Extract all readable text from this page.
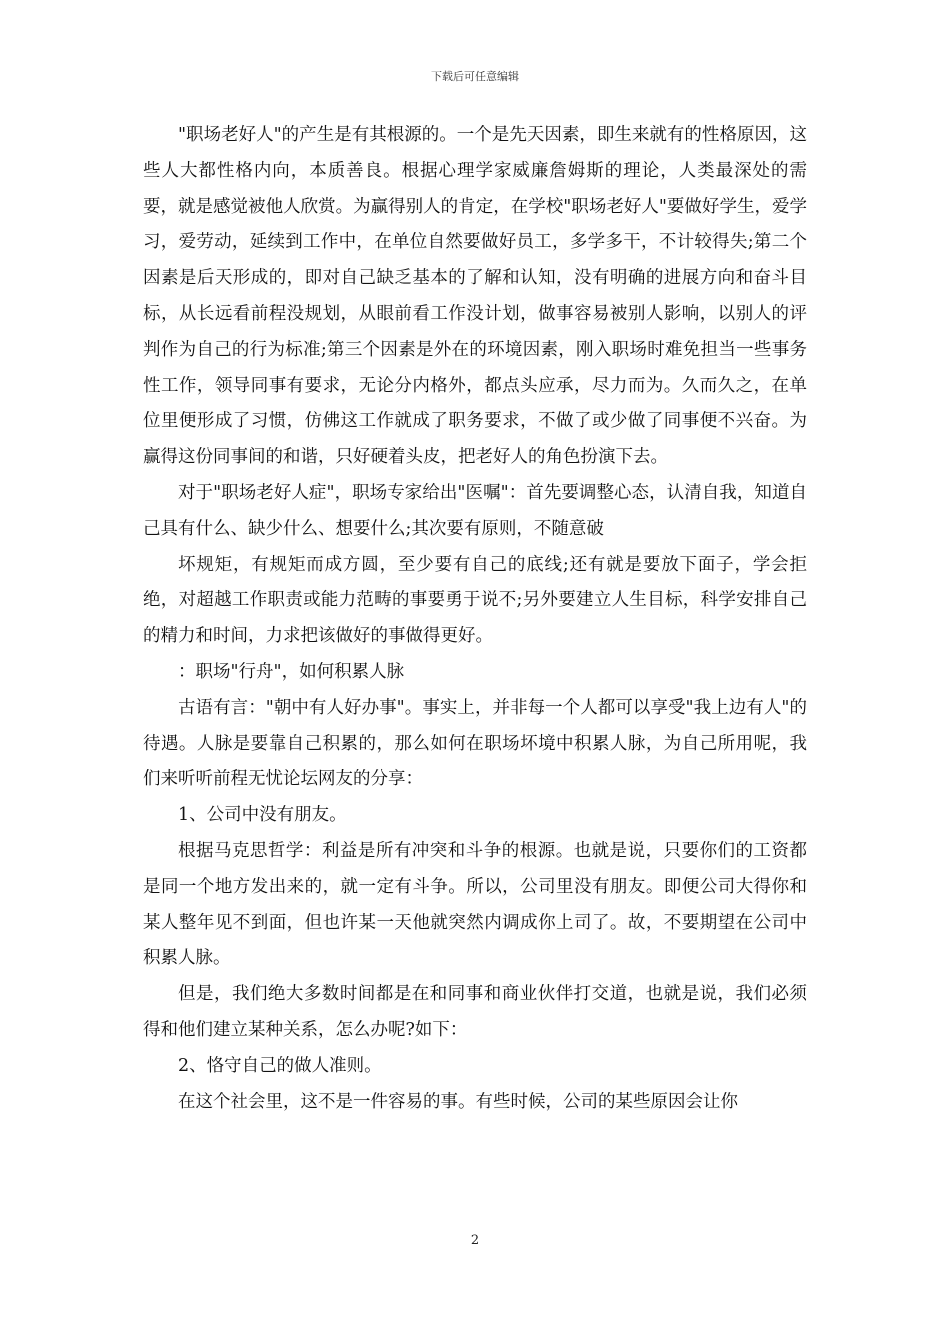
下载后可任意编辑

"职场老好人"的产生是有其根源的。一个是先天因素，即生来就有的性格原因，这些人大都性格内向，本质善良。根据心理学家威廉詹姆斯的理论，人类最深处的需要，就是感觉被他人欣赏。为赢得别人的肯定，在学校"职场老好人"要做好学生，爱学习，爱劳动，延续到工作中，在单位自然要做好员工，多学多干，不计较得失;第二个因素是后天形成的，即对自己缺乏基本的了解和认知，没有明确的进展方向和奋斗目标，从长远看前程没规划，从眼前看工作没计划，做事容易被别人影响，以别人的评判作为自己的行为标准;第三个因素是外在的环境因素，刚入职场时难免担当一些事务性工作，领导同事有要求，无论分内格外，都点头应承，尽力而为。久而久之，在单位里便形成了习惯，仿佛这工作就成了职务要求，不做了或少做了同事便不兴奋。为赢得这份同事间的和谐，只好硬着头皮，把老好人的角色扮演下去。

对于"职场老好人症"，职场专家给出"医嘱"：首先要调整心态，认清自我，知道自己具有什么、缺少什么、想要什么;其次要有原则，不随意破

坏规矩，有规矩而成方圆，至少要有自己的底线;还有就是要放下面子，学会拒绝，对超越工作职责或能力范畴的事要勇于说不;另外要建立人生目标，科学安排自己的精力和时间，力求把该做好的事做得更好。

：职场"行舟"，如何积累人脉

古语有言："朝中有人好办事"。事实上，并非每一个人都可以享受"我上边有人"的待遇。人脉是要靠自己积累的，那么如何在职场坏境中积累人脉，为自己所用呢，我们来听听前程无忧论坛网友的分享：

1、公司中没有朋友。

根据马克思哲学：利益是所有冲突和斗争的根源。也就是说，只要你们的工资都是同一个地方发出来的，就一定有斗争。所以，公司里没有朋友。即便公司大得你和某人整年见不到面，但也许某一天他就突然内调成你上司了。故，不要期望在公司中积累人脉。

但是，我们绝大多数时间都是在和同事和商业伙伴打交道，也就是说，我们必须得和他们建立某种关系，怎么办呢?如下：

2、恪守自己的做人准则。

在这个社会里，这不是一件容易的事。有些时候，公司的某些原因会让你

2
